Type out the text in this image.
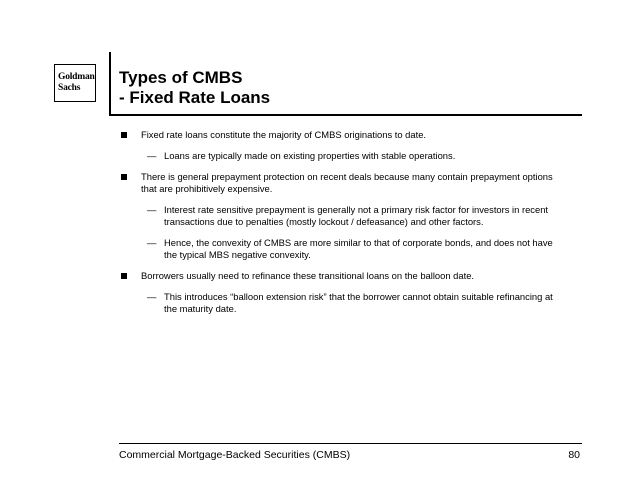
Goldman
Sachs
Types of CMBS
- Fixed Rate Loans
Fixed rate loans constitute the majority of CMBS originations to date.
— Loans are typically made on existing properties with stable operations.
There is general prepayment protection on recent deals because many contain prepayment options
that are prohibitively expensive.
— Interest rate sensitive prepayment is generally not a primary risk factor for investors in recent
transactions due to penalties (mostly lockout / defeasance) and other factors.
— Hence, the convexity of CMBS are more similar to that of corporate bonds, and does not have
the typical MBS negative convexity.
Borrowers usually need to refinance these transitional loans on the balloon date.
— This introduces “balloon extension risk” that the borrower cannot obtain suitable refinancing at
the maturity date.
Commercial Mortgage-Backed Securities (CMBS)	80
